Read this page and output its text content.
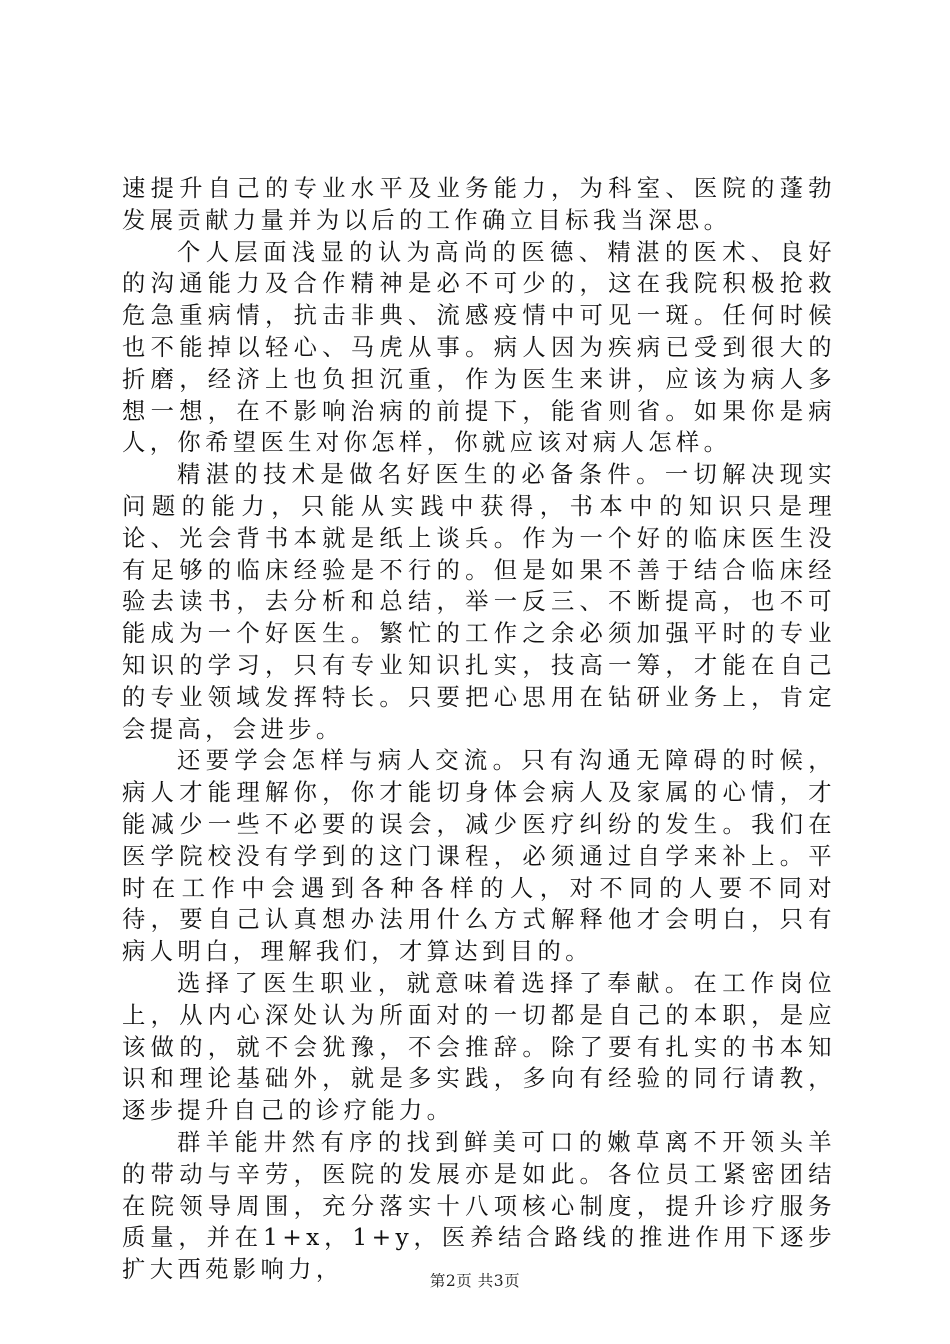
速提升自己的专业水平及业务能力，为科室、医院的蓬勃发展贡献力量并为以后的工作确立目标我当深思。

个人层面浅显的认为高尚的医德、精湛的医术、良好的沟通能力及合作精神是必不可少的，这在我院积极抢救危急重病情，抗击非典、流感疫情中可见一斑。任何时候也不能掉以轻心、马虎从事。病人因为疾病已受到很大的折磨，经济上也负担沉重，作为医生来讲，应该为病人多想一想，在不影响治病的前提下，能省则省。如果你是病人，你希望医生对你怎样，你就应该对病人怎样。

精湛的技术是做名好医生的必备条件。一切解决现实问题的能力，只能从实践中获得，书本中的知识只是理论、光会背书本就是纸上谈兵。作为一个好的临床医生没有足够的临床经验是不行的。但是如果不善于结合临床经验去读书，去分析和总结，举一反三、不断提高，也不可能成为一个好医生。繁忙的工作之余必须加强平时的专业知识的学习，只有专业知识扎实，技高一筹，才能在自己的专业领域发挥特长。只要把心思用在钻研业务上，肯定会提高，会进步。

还要学会怎样与病人交流。只有沟通无障碍的时候，病人才能理解你，你才能切身体会病人及家属的心情，才能减少一些不必要的误会，减少医疗纠纷的发生。我们在医学院校没有学到的这门课程，必须通过自学来补上。平时在工作中会遇到各种各样的人，对不同的人要不同对待，要自己认真想办法用什么方式解释他才会明白，只有病人明白，理解我们，才算达到目的。

选择了医生职业，就意味着选择了奉献。在工作岗位上，从内心深处认为所面对的一切都是自己的本职，是应该做的，就不会犹豫，不会推辞。除了要有扎实的书本知识和理论基础外，就是多实践，多向有经验的同行请教，逐步提升自己的诊疗能力。

群羊能井然有序的找到鲜美可口的嫩草离不开领头羊的带动与辛劳，医院的发展亦是如此。各位员工紧密团结在院领导周围，充分落实十八项核心制度，提升诊疗服务质量，并在1+x，1+y，医养结合路线的推进作用下逐步扩大西苑影响力，	第2页 共3页
